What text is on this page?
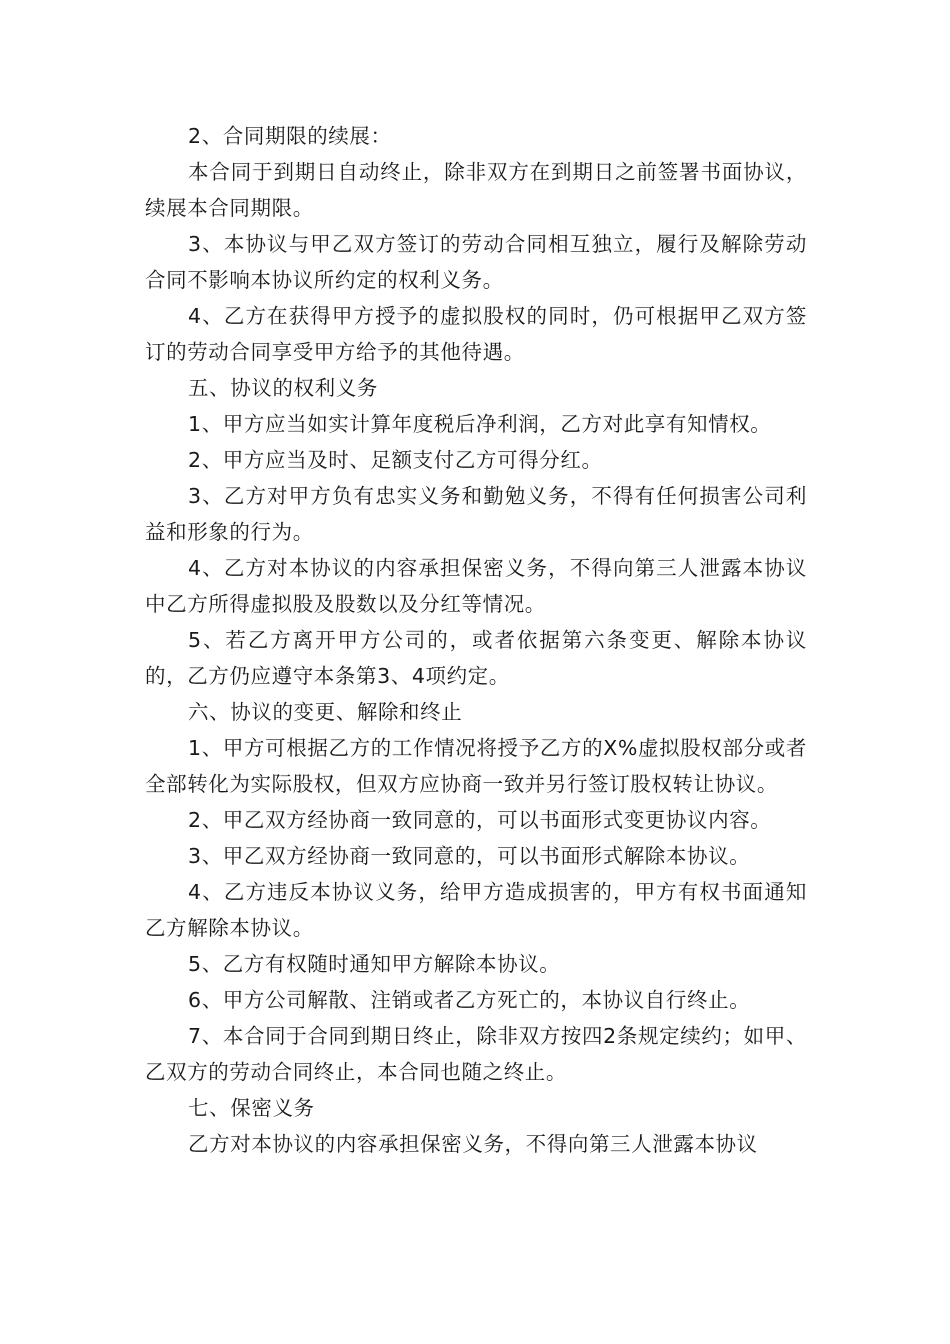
2、合同期限的续展：

本合同于到期日自动终止，除非双方在到期日之前签署书面协议，续展本合同期限。

3、本协议与甲乙双方签订的劳动合同相互独立，履行及解除劳动合同不影响本协议所约定的权利义务。

4、乙方在获得甲方授予的虚拟股权的同时，仍可根据甲乙双方签订的劳动合同享受甲方给予的其他待遇。

五、协议的权利义务

1、甲方应当如实计算年度税后净利润，乙方对此享有知情权。

2、甲方应当及时、足额支付乙方可得分红。

3、乙方对甲方负有忠实义务和勤勉义务，不得有任何损害公司利益和形象的行为。

4、乙方对本协议的内容承担保密义务，不得向第三人泄露本协议中乙方所得虚拟股及股数以及分红等情况。

5、若乙方离开甲方公司的，或者依据第六条变更、解除本协议的，乙方仍应遵守本条第3、4项约定。

六、协议的变更、解除和终止

1、甲方可根据乙方的工作情况将授予乙方的X%虚拟股权部分或者全部转化为实际股权，但双方应协商一致并另行签订股权转让协议。

2、甲乙双方经协商一致同意的，可以书面形式变更协议内容。

3、甲乙双方经协商一致同意的，可以书面形式解除本协议。

4、乙方违反本协议义务，给甲方造成损害的，甲方有权书面通知乙方解除本协议。

5、乙方有权随时通知甲方解除本协议。

6、甲方公司解散、注销或者乙方死亡的，本协议自行终止。

7、本合同于合同到期日终止，除非双方按四2条规定续约；如甲、乙双方的劳动合同终止，本合同也随之终止。

七、保密义务

乙方对本协议的内容承担保密义务，不得向第三人泄露本协议
